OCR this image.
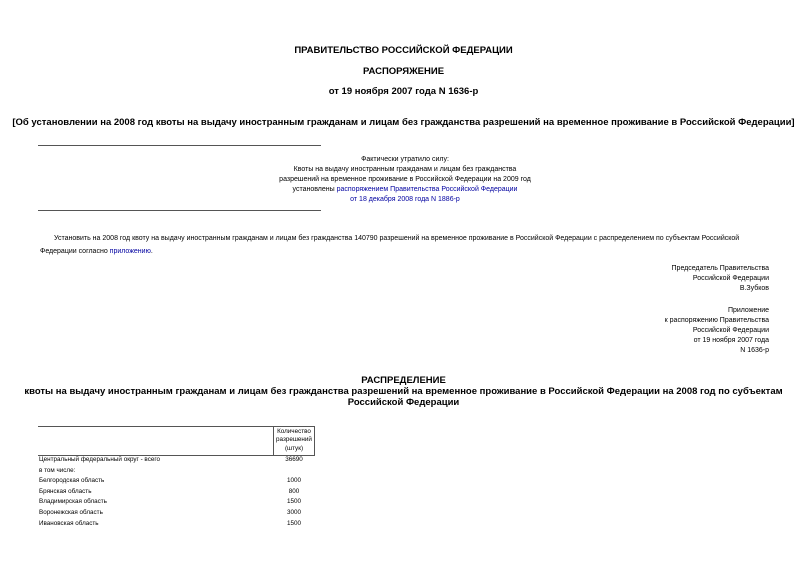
ПРАВИТЕЛЬСТВО РОССИЙСКОЙ ФЕДЕРАЦИИ
РАСПОРЯЖЕНИЕ
от 19 ноября 2007 года N 1636-р
[Об установлении на 2008 год квоты на выдачу иностранным гражданам и лицам без гражданства разрешений на временное проживание в Российской Федерации]
Фактически утратило силу:
Квоты на выдачу иностранным гражданам и лицам без гражданства
разрешений на временное проживание в Российской Федерации на 2009 год
установлены распоряжением Правительства Российской Федерации
от 18 декабря 2008 года N 1886-р
Установить на 2008 год квоту на выдачу иностранным гражданам и лицам без гражданства 140790 разрешений на временное проживание в Российской Федерации с распределением по субъектам Российской
Федерации согласно приложению.
Председатель Правительства
Российской Федерации
В.Зубков
Приложение
к распоряжению Правительства
Российской Федерации
от 19 ноября 2007 года
N 1636-р
РАСПРЕДЕЛЕНИЕ
квоты на выдачу иностранным гражданам и лицам без гражданства разрешений на временное проживание в Российской Федерации на 2008 год по субъектам
Российской Федерации

	Количество
разрешений
(штук)

Центральный федеральный округ - всего	36690
в том числе:	
Белгородская область	1000
Брянская область	800
Владимирская область	1500
Воронежская область	3000
Ивановская область	1500
